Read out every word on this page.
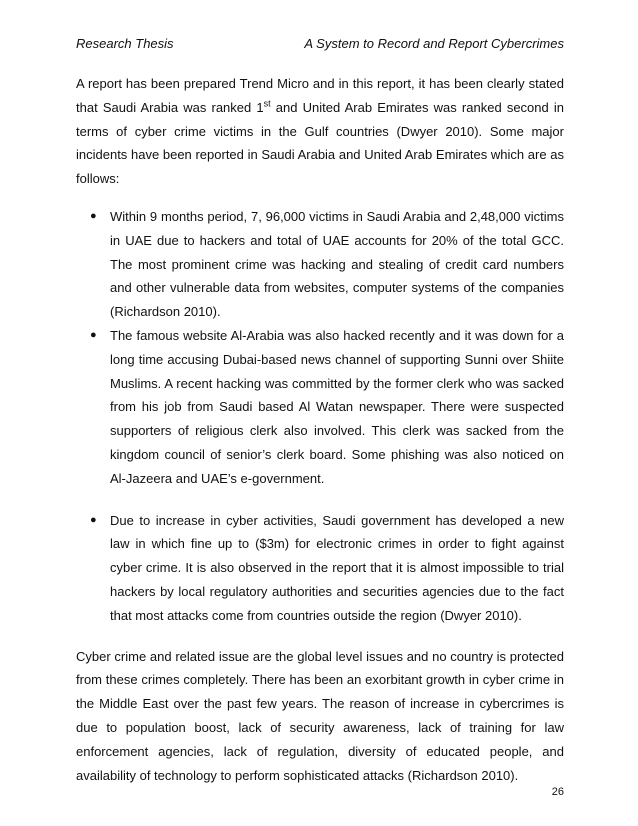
Research Thesis	A System to Record and Report Cybercrimes

A report has been prepared Trend Micro and in this report, it has been clearly stated that Saudi Arabia was ranked 1st and United Arab Emirates was ranked second in terms of cyber crime victims in the Gulf countries (Dwyer 2010). Some major incidents have been reported in Saudi Arabia and United Arab Emirates which are as follows:

● Within 9 months period, 7, 96,000 victims in Saudi Arabia and 2,48,000 victims in UAE due to hackers and total of UAE accounts for 20% of the total GCC. The most prominent crime was hacking and stealing of credit card numbers and other vulnerable data from websites, computer systems of the companies (Richardson 2010).
● The famous website Al-Arabia was also hacked recently and it was down for a long time accusing Dubai-based news channel of supporting Sunni over Shiite Muslims. A recent hacking was committed by the former clerk who was sacked from his job from Saudi based Al Watan newspaper. There were suspected supporters of religious clerk also involved. This clerk was sacked from the kingdom council of senior’s clerk board. Some phishing was also noticed on Al-Jazeera and UAE’s e-government.
● Due to increase in cyber activities, Saudi government has developed a new law in which fine up to ($3m) for electronic crimes in order to fight against cyber crime. It is also observed in the report that it is almost impossible to trial hackers by local regulatory authorities and securities agencies due to the fact that most attacks come from countries outside the region (Dwyer 2010).

Cyber crime and related issue are the global level issues and no country is protected from these crimes completely. There has been an exorbitant growth in cyber crime in the Middle East over the past few years. The reason of increase in cybercrimes is due to population boost, lack of security awareness, lack of training for law enforcement agencies, lack of regulation, diversity of educated people, and availability of technology to perform sophisticated attacks (Richardson 2010).

26
